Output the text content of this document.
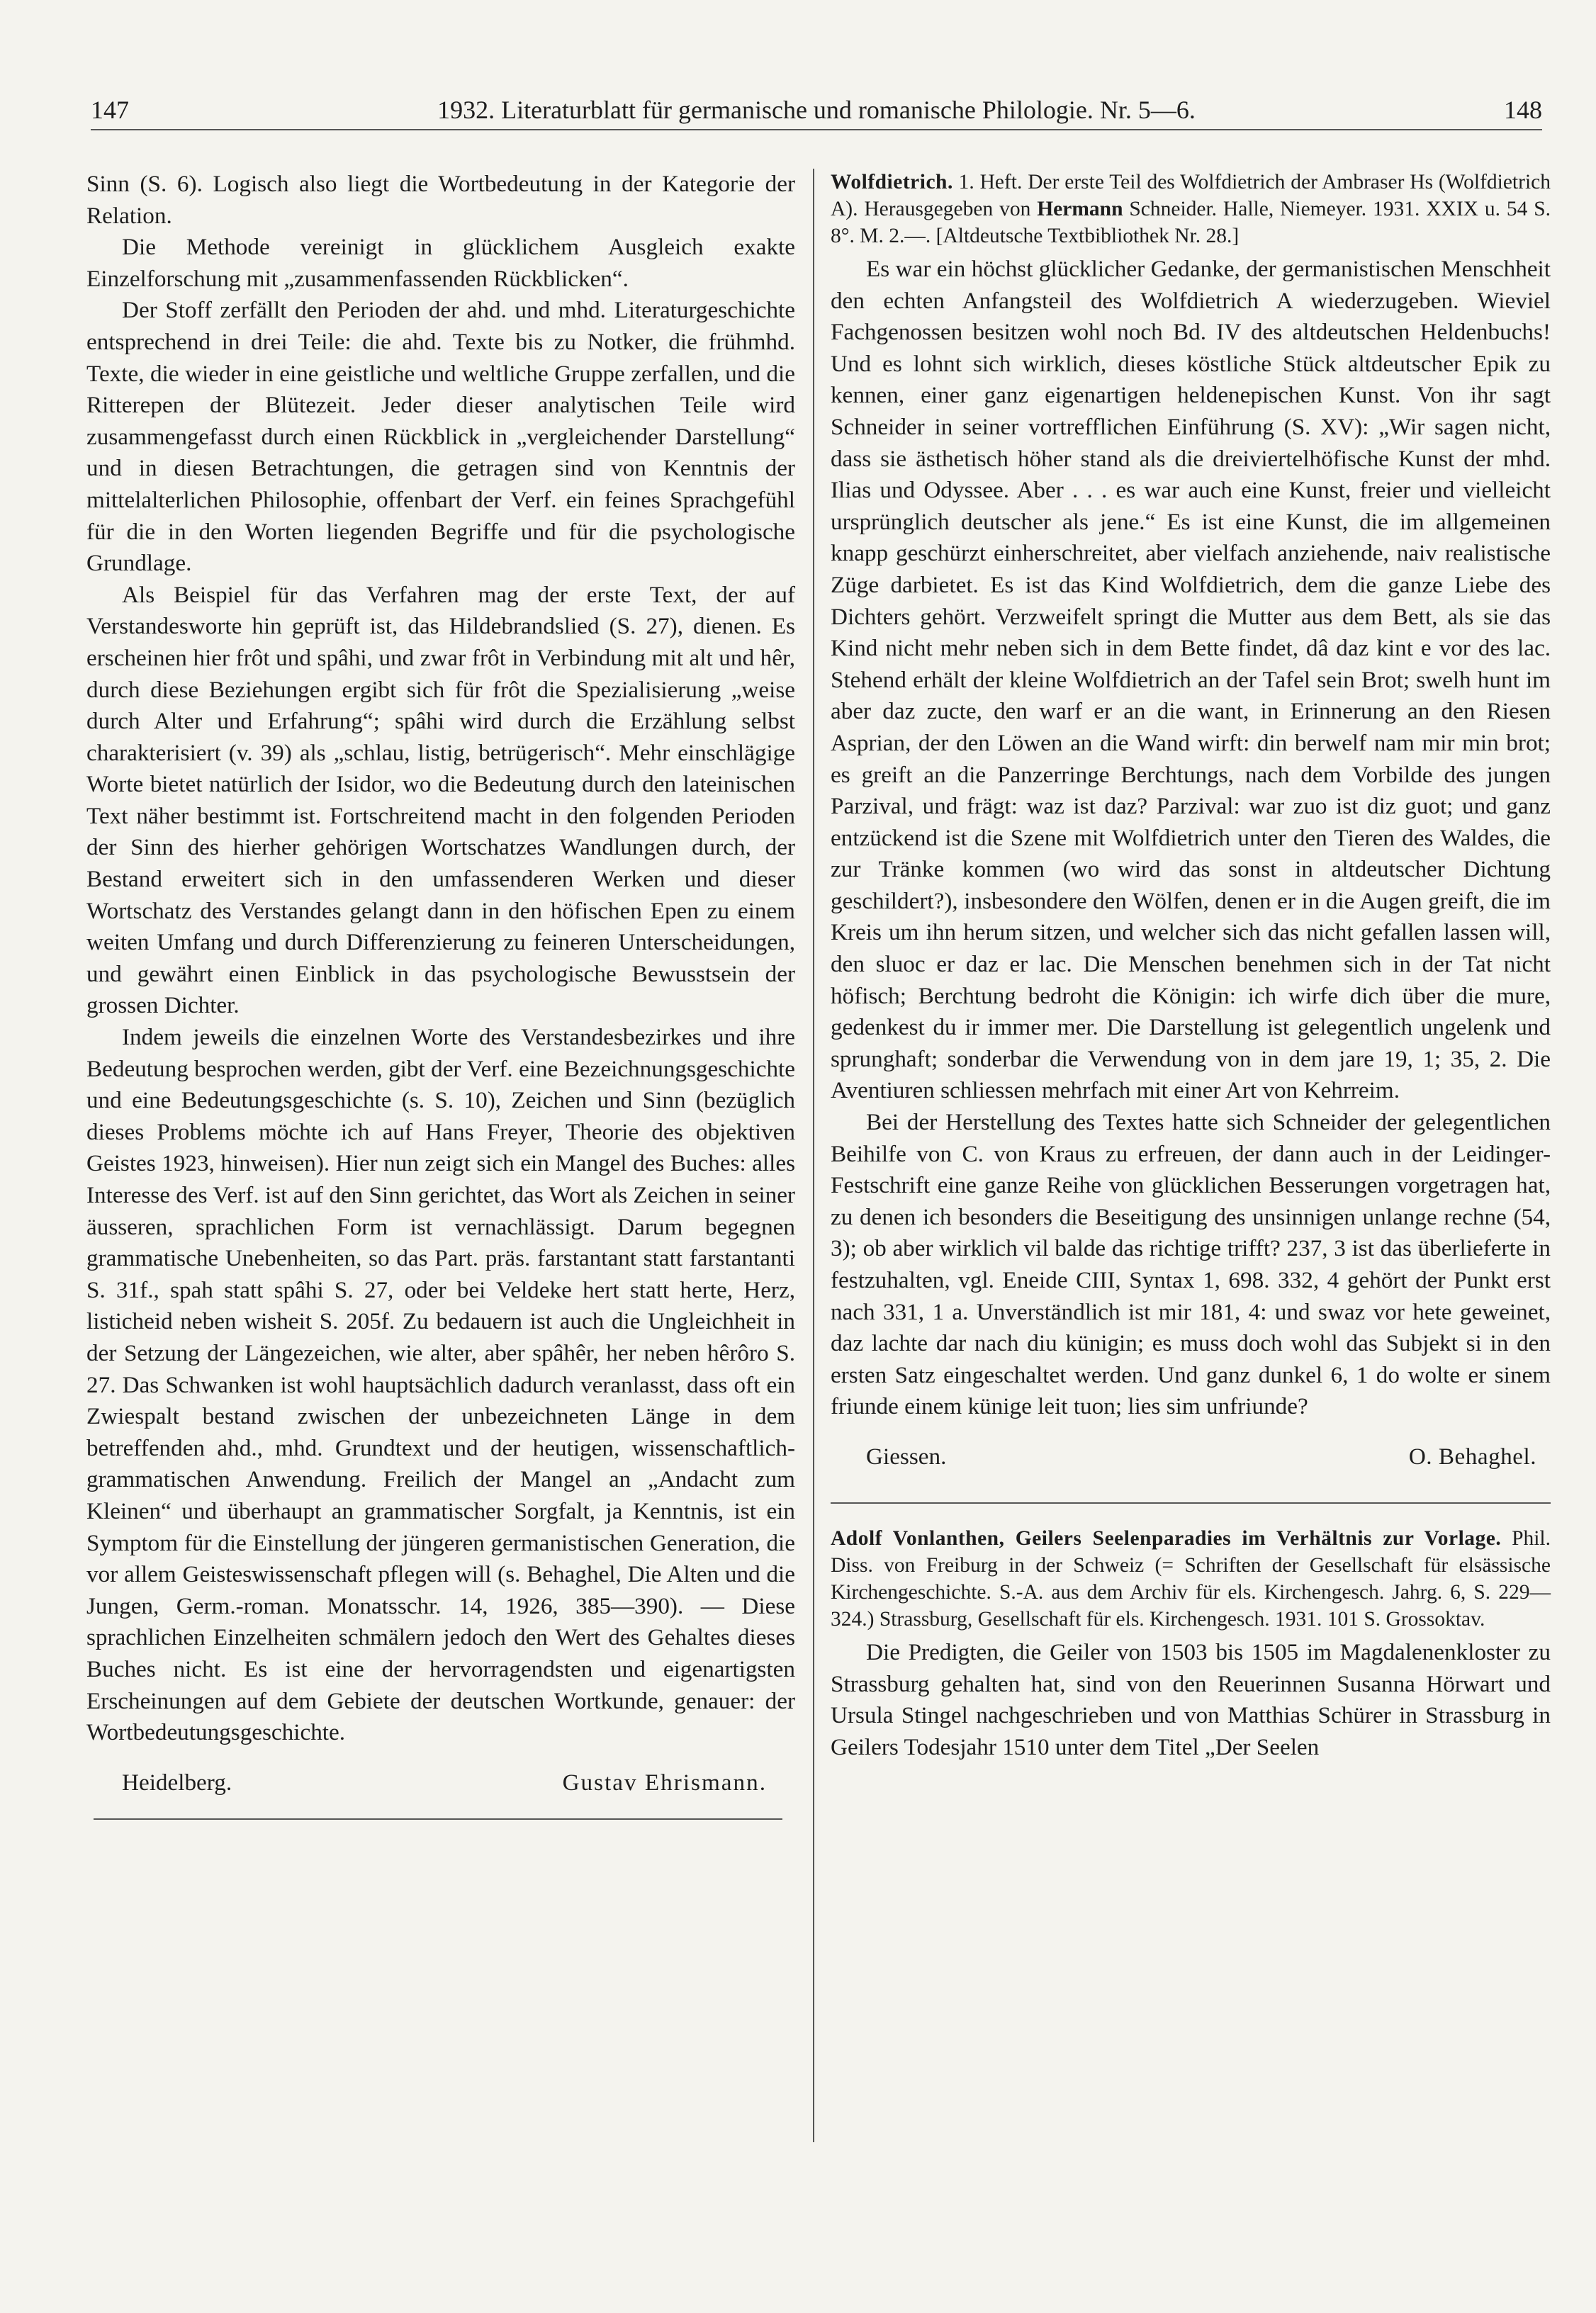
147	1932. Literaturblatt für germanische und romanische Philologie. Nr. 5—6.	148

Sinn (S. 6). Logisch also liegt die Wortbedeutung in der Kategorie der Relation.

Die Methode vereinigt in glücklichem Ausgleich exakte Einzelforschung mit „zusammenfassenden Rückblicken“.

Der Stoff zerfällt den Perioden der ahd. und mhd. Literaturgeschichte entsprechend in drei Teile: die ahd. Texte bis zu Notker, die frühmhd. Texte, die wieder in eine geistliche und weltliche Gruppe zerfallen, und die Ritterepen der Blütezeit. Jeder dieser analytischen Teile wird zusammengefasst durch einen Rückblick in „vergleichender Darstellung“ und in diesen Betrachtungen, die getragen sind von Kenntnis der mittelalterlichen Philosophie, offenbart der Verf. ein feines Sprachgefühl für die in den Worten liegenden Begriffe und für die psychologische Grundlage.

Als Beispiel für das Verfahren mag der erste Text, der auf Verstandesworte hin geprüft ist, das Hildebrandslied (S. 27), dienen. Es erscheinen hier frôt und spâhi, und zwar frôt in Verbindung mit alt und hêr, durch diese Beziehungen ergibt sich für frôt die Spezialisierung „weise durch Alter und Erfahrung“; spâhi wird durch die Erzählung selbst charakterisiert (v. 39) als „schlau, listig, betrügerisch“. Mehr einschlägige Worte bietet natürlich der Isidor, wo die Bedeutung durch den lateinischen Text näher bestimmt ist. Fortschreitend macht in den folgenden Perioden der Sinn des hierher gehörigen Wortschatzes Wandlungen durch, der Bestand erweitert sich in den umfassenderen Werken und dieser Wortschatz des Verstandes gelangt dann in den höfischen Epen zu einem weiten Umfang und durch Differenzierung zu feineren Unterscheidungen, und gewährt einen Einblick in das psychologische Bewusstsein der grossen Dichter.

Indem jeweils die einzelnen Worte des Verstandesbezirkes und ihre Bedeutung besprochen werden, gibt der Verf. eine Bezeichnungsgeschichte und eine Bedeutungsgeschichte (s. S. 10), Zeichen und Sinn (bezüglich dieses Problems möchte ich auf Hans Freyer, Theorie des objektiven Geistes 1923, hinweisen). Hier nun zeigt sich ein Mangel des Buches: alles Interesse des Verf. ist auf den Sinn gerichtet, das Wort als Zeichen in seiner äusseren, sprachlichen Form ist vernachlässigt. Darum begegnen grammatische Unebenheiten, so das Part. präs. farstantant statt farstantanti S. 31f., spah statt spâhi S. 27, oder bei Veldeke hert statt herte, Herz, listicheid neben wisheit S. 205f. Zu bedauern ist auch die Ungleichheit in der Setzung der Längezeichen, wie alter, aber spâhêr, her neben hêrôro S. 27. Das Schwanken ist wohl hauptsächlich dadurch veranlasst, dass oft ein Zwiespalt bestand zwischen der unbezeichneten Länge in dem betreffenden ahd., mhd. Grundtext und der heutigen, wissenschaftlich-grammatischen Anwendung. Freilich der Mangel an „Andacht zum Kleinen“ und überhaupt an grammatischer Sorgfalt, ja Kenntnis, ist ein Symptom für die Einstellung der jüngeren germanistischen Generation, die vor allem Geisteswissenschaft pflegen will (s. Behaghel, Die Alten und die Jungen, Germ.-roman. Monatsschr. 14, 1926, 385—390). — Diese sprachlichen Einzelheiten schmälern jedoch den Wert des Gehaltes dieses Buches nicht. Es ist eine der hervorragendsten und eigenartigsten Erscheinungen auf dem Gebiete der deutschen Wortkunde, genauer: der Wortbedeutungsgeschichte.

Heidelberg.	Gustav Ehrismann.
Wolfdietrich. 1. Heft. Der erste Teil des Wolfdietrich der Ambraser Hs (Wolfdietrich A). Herausgegeben von Hermann Schneider. Halle, Niemeyer. 1931. XXIX u. 54 S. 8°. M. 2.—. [Altdeutsche Textbibliothek Nr. 28.]

Es war ein höchst glücklicher Gedanke, der germanistischen Menschheit den echten Anfangsteil des Wolfdietrich A wiederzugeben. Wieviel Fachgenossen besitzen wohl noch Bd. IV des altdeutschen Heldenbuchs! Und es lohnt sich wirklich, dieses köstliche Stück altdeutscher Epik zu kennen, einer ganz eigenartigen heldenepischen Kunst. Von ihr sagt Schneider in seiner vortrefflichen Einführung (S. XV): „Wir sagen nicht, dass sie ästhetisch höher stand als die dreiviertelhöfische Kunst der mhd. Ilias und Odyssee. Aber . . . es war auch eine Kunst, freier und vielleicht ursprünglich deutscher als jene.“ Es ist eine Kunst, die im allgemeinen knapp geschürzt einherschreitet, aber vielfach anziehende, naiv realistische Züge darbietet. Es ist das Kind Wolfdietrich, dem die ganze Liebe des Dichters gehört. Verzweifelt springt die Mutter aus dem Bett, als sie das Kind nicht mehr neben sich in dem Bette findet, dâ daz kint e vor des lac. Stehend erhält der kleine Wolfdietrich an der Tafel sein Brot; swelh hunt im aber daz zucte, den warf er an die want, in Erinnerung an den Riesen Asprian, der den Löwen an die Wand wirft: din berwelf nam mir min brot; es greift an die Panzerringe Berchtungs, nach dem Vorbilde des jungen Parzival, und frägt: waz ist daz? Parzival: war zuo ist diz guot; und ganz entzückend ist die Szene mit Wolfdietrich unter den Tieren des Waldes, die zur Tränke kommen (wo wird das sonst in altdeutscher Dichtung geschildert?), insbesondere den Wölfen, denen er in die Augen greift, die im Kreis um ihn herum sitzen, und welcher sich das nicht gefallen lassen will, den sluoc er daz er lac. Die Menschen benehmen sich in der Tat nicht höfisch; Berchtung bedroht die Königin: ich wirfe dich über die mure, gedenkest du ir immer mer. Die Darstellung ist gelegentlich ungelenk und sprunghaft; sonderbar die Verwendung von in dem jare 19, 1; 35, 2. Die Aventiuren schliessen mehrfach mit einer Art von Kehrreim.

Bei der Herstellung des Textes hatte sich Schneider der gelegentlichen Beihilfe von C. von Kraus zu erfreuen, der dann auch in der Leidinger-Festschrift eine ganze Reihe von glücklichen Besserungen vorgetragen hat, zu denen ich besonders die Beseitigung des unsinnigen unlange rechne (54, 3); ob aber wirklich vil balde das richtige trifft? 237, 3 ist das überlieferte in festzuhalten, vgl. Eneide CIII, Syntax 1, 698. 332, 4 gehört der Punkt erst nach 331, 1 a. Unverständlich ist mir 181, 4: und swaz vor hete geweinet, daz lachte dar nach diu künigin; es muss doch wohl das Subjekt si in den ersten Satz eingeschaltet werden. Und ganz dunkel 6, 1 do wolte er sinem friunde einem künige leit tuon; lies sim unfriunde?

Giessen.	O. Behaghel.
Adolf Vonlanthen, Geilers Seelenparadies im Verhältnis zur Vorlage. Phil. Diss. von Freiburg in der Schweiz (= Schriften der Gesellschaft für elsässische Kirchengeschichte. S.-A. aus dem Archiv für els. Kirchengesch. Jahrg. 6, S. 229—324.) Strassburg, Gesellschaft für els. Kirchengesch. 1931. 101 S. Grossoktav.

Die Predigten, die Geiler von 1503 bis 1505 im Magdalenenkloster zu Strassburg gehalten hat, sind von den Reuerinnen Susanna Hörwart und Ursula Stingel nachgeschrieben und von Matthias Schürer in Strassburg in Geilers Todesjahr 1510 unter dem Titel „Der Seelen
